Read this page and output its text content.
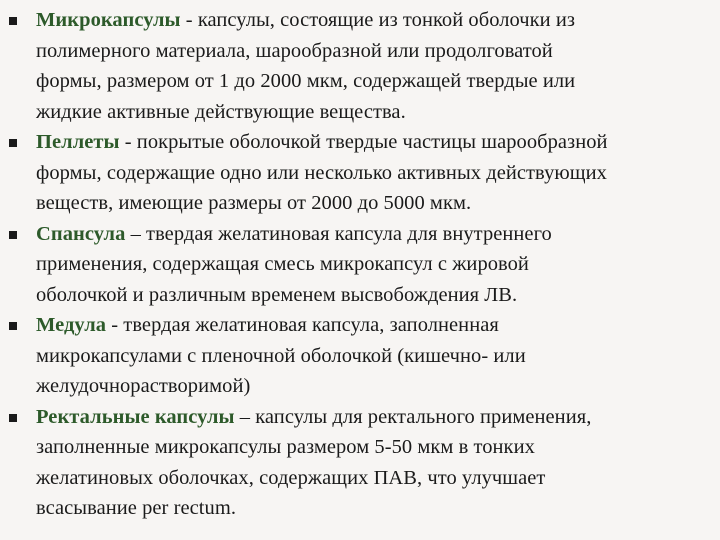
Микрокапсулы - капсулы, состоящие из тонкой оболочки из
полимерного материала, шарообразной или продолговатой
формы, размером от 1 до 2000 мкм, содержащей твердые или
жидкие активные действующие вещества.
Пеллеты - покрытые оболочкой твердые частицы шарообразной
формы, содержащие одно или несколько активных действующих
веществ, имеющие размеры от 2000 до 5000 мкм.
Спансула – твердая желатиновая капсула для внутреннего
применения, содержащая смесь микрокапсул с жировой
оболочкой и различным временем высвобождения ЛВ.
Медула - твердая желатиновая капсула, заполненная
микрокапсулами с пленочной оболочкой (кишечно- или
желудочнорастворимой)
Ректальные капсулы – капсулы для ректального применения,
заполненные микрокапсулы размером 5-50 мкм в тонких
желатиновых оболочках, содержащих ПАВ, что улучшает
всасывание per rectum.
